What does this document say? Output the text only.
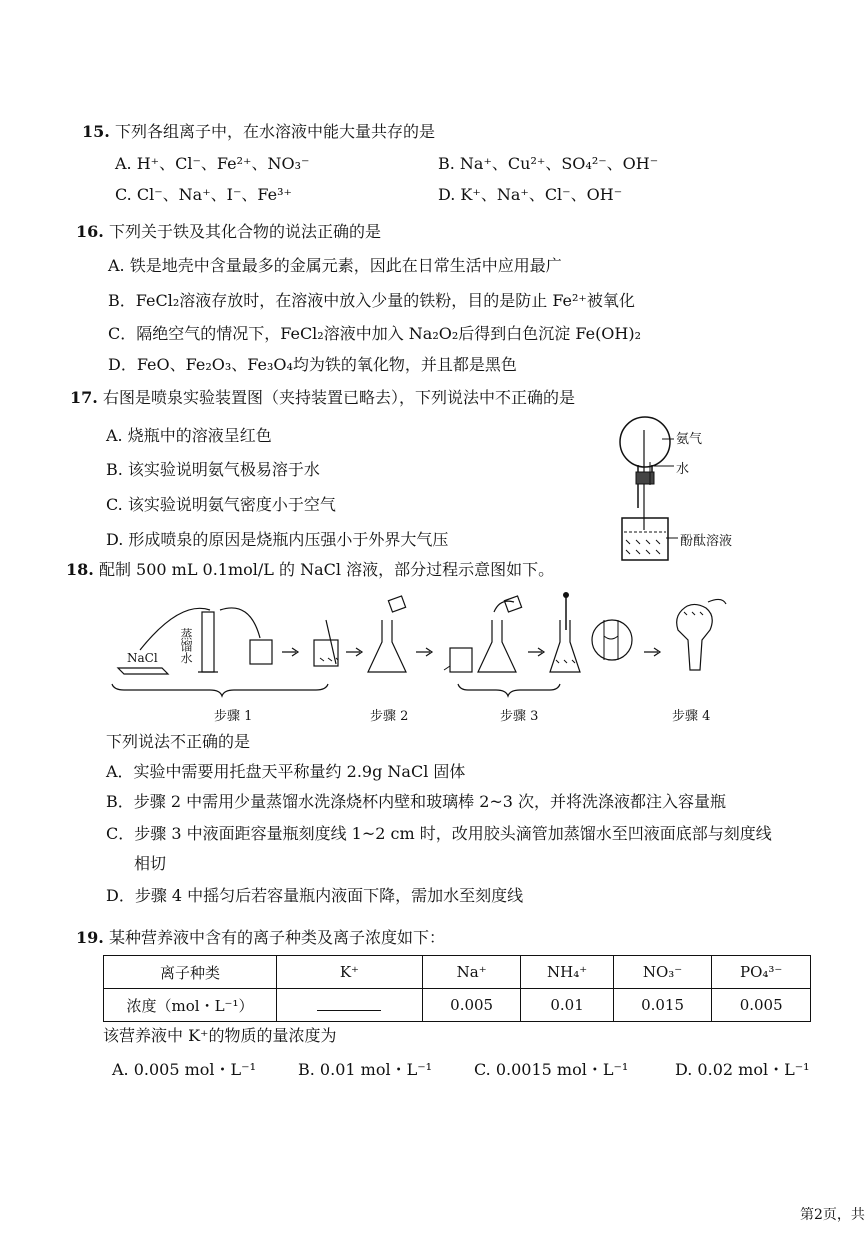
15. 下列各组离子中，在水溶液中能大量共存的是
A. H⁺、Cl⁻、Fe²⁺、NO₃⁻	B. Na⁺、Cu²⁺、SO₄²⁻、OH⁻
C. Cl⁻、Na⁺、I⁻、Fe³⁺	D. K⁺、Na⁺、Cl⁻、OH⁻
16. 下列关于铁及其化合物的说法正确的是
A. 铁是地壳中含量最多的金属元素，因此在日常生活中应用最广
B．FeCl₂溶液存放时，在溶液中放入少量的铁粉，目的是防止 Fe²⁺被氧化
C．隔绝空气的情况下，FeCl₂溶液中加入 Na₂O₂后得到白色沉淀 Fe(OH)₂
D．FeO、Fe₂O₃、Fe₃O₄均为铁的氧化物，并且都是黑色
17. 右图是喷泉实验装置图（夹持装置已略去），下列说法中不正确的是
A. 烧瓶中的溶液呈红色
B. 该实验说明氨气极易溶于水
C. 该实验说明氨气密度小于空气
D. 形成喷泉的原因是烧瓶内压强小于外界大气压
氨气
水
酚酞溶液
18. 配制 500 mL 0.1mol/L 的 NaCl 溶液，部分过程示意图如下。
NaCl 蒸馏水
步骤 1	步骤 2	步骤 3	步骤 4
下列说法不正确的是
A．实验中需要用托盘天平称量约 2.9g NaCl 固体
B．步骤 2 中需用少量蒸馏水洗涤烧杯内壁和玻璃棒 2~3 次，并将洗涤液都注入容量瓶
C．步骤 3 中液面距容量瓶刻度线 1~2 cm 时，改用胶头滴管加蒸馏水至凹液面底部与刻度线
相切
D．步骤 4 中摇匀后若容量瓶内液面下降，需加水至刻度线
19. 某种营养液中含有的离子种类及离子浓度如下：
离子种类	K⁺	Na⁺	NH₄⁺	NO₃⁻	PO₄³⁻
浓度（mol・L⁻¹）		0.005	0.01	0.015	0.005
该营养液中 K⁺的物质的量浓度为
A. 0.005 mol・L⁻¹	B. 0.01 mol・L⁻¹	C. 0.0015 mol・L⁻¹	D. 0.02 mol・L⁻¹
第2页，共
